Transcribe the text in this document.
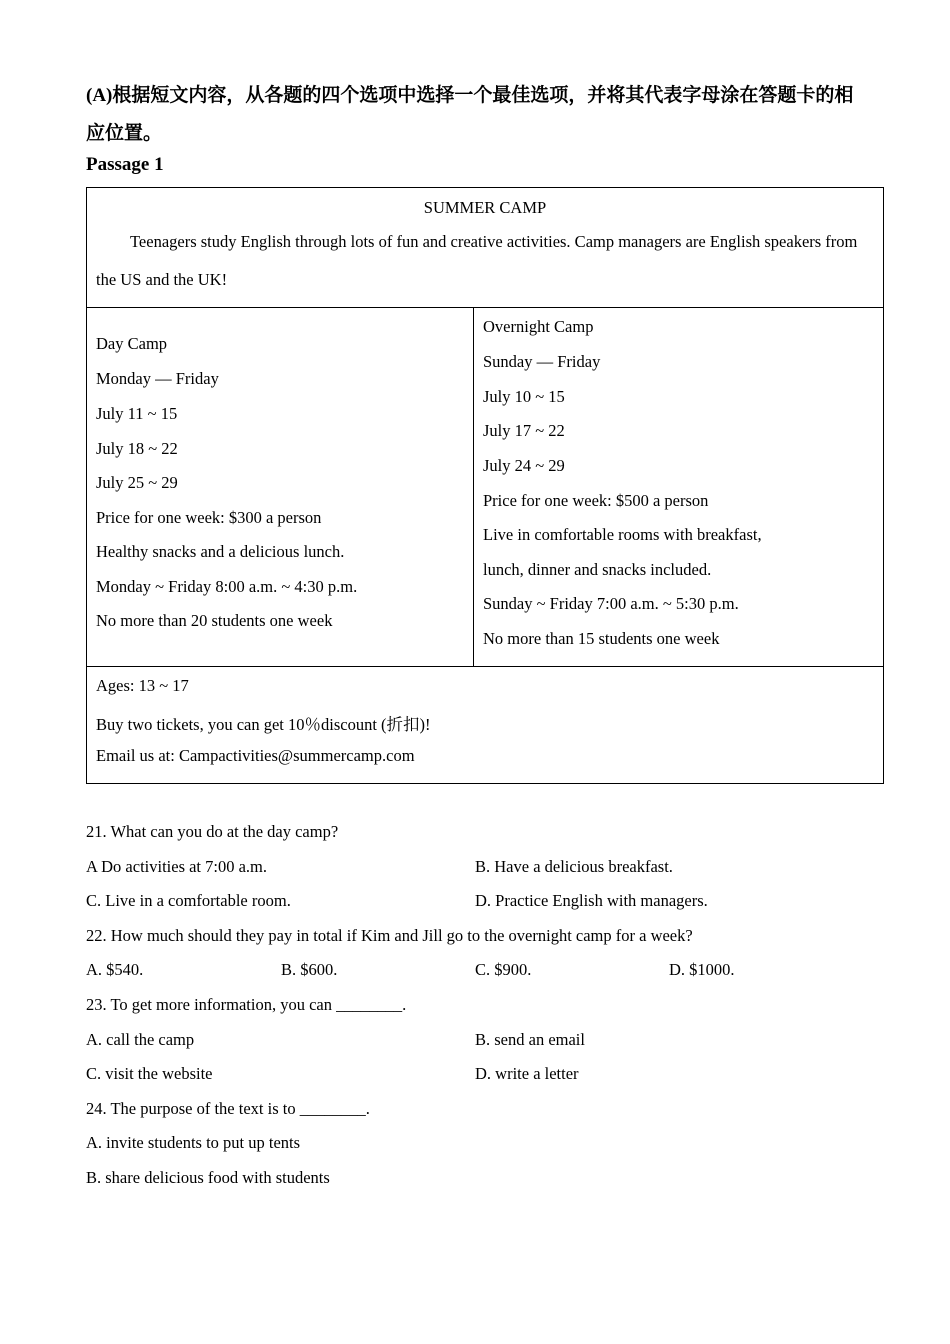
(A)根据短文内容，从各题的四个选项中选择一个最佳选项，并将其代表字母涂在答题卡的相
应位置。
Passage 1
SUMMER CAMP
Teenagers study English through lots of fun and creative activities. Camp managers are English speakers from
the US and the UK!
Day Camp
Monday — Friday
July 11 ~ 15
July 18 ~ 22
July 25 ~ 29
Price for one week: $300 a person
Healthy snacks and a delicious lunch.
Monday ~ Friday 8:00 a.m. ~ 4:30 p.m.
No more than 20 students one week
Overnight Camp
Sunday — Friday
July 10 ~ 15
July 17 ~ 22
July 24 ~ 29
Price for one week: $500 a person
Live in comfortable rooms with breakfast,
lunch, dinner and snacks included.
Sunday ~ Friday 7:00 a.m. ~ 5:30 p.m.
No more than 15 students one week
Ages: 13 ~ 17
Buy two tickets, you can get 10％discount (折扣)!
Email us at: Campactivities@summercamp.com
21. What can you do at the day camp?
A Do activities at 7:00 a.m.	B. Have a delicious breakfast.
C. Live in a comfortable room.	D. Practice English with managers.
22. How much should they pay in total if Kim and Jill go to the overnight camp for a week?
A. $540.	B. $600.	C. $900.	D. $1000.
23. To get more information, you can ________.
A. call the camp	B. send an email
C. visit the website	D. write a letter
24. The purpose of the text is to ________.
A. invite students to put up tents
B. share delicious food with students
